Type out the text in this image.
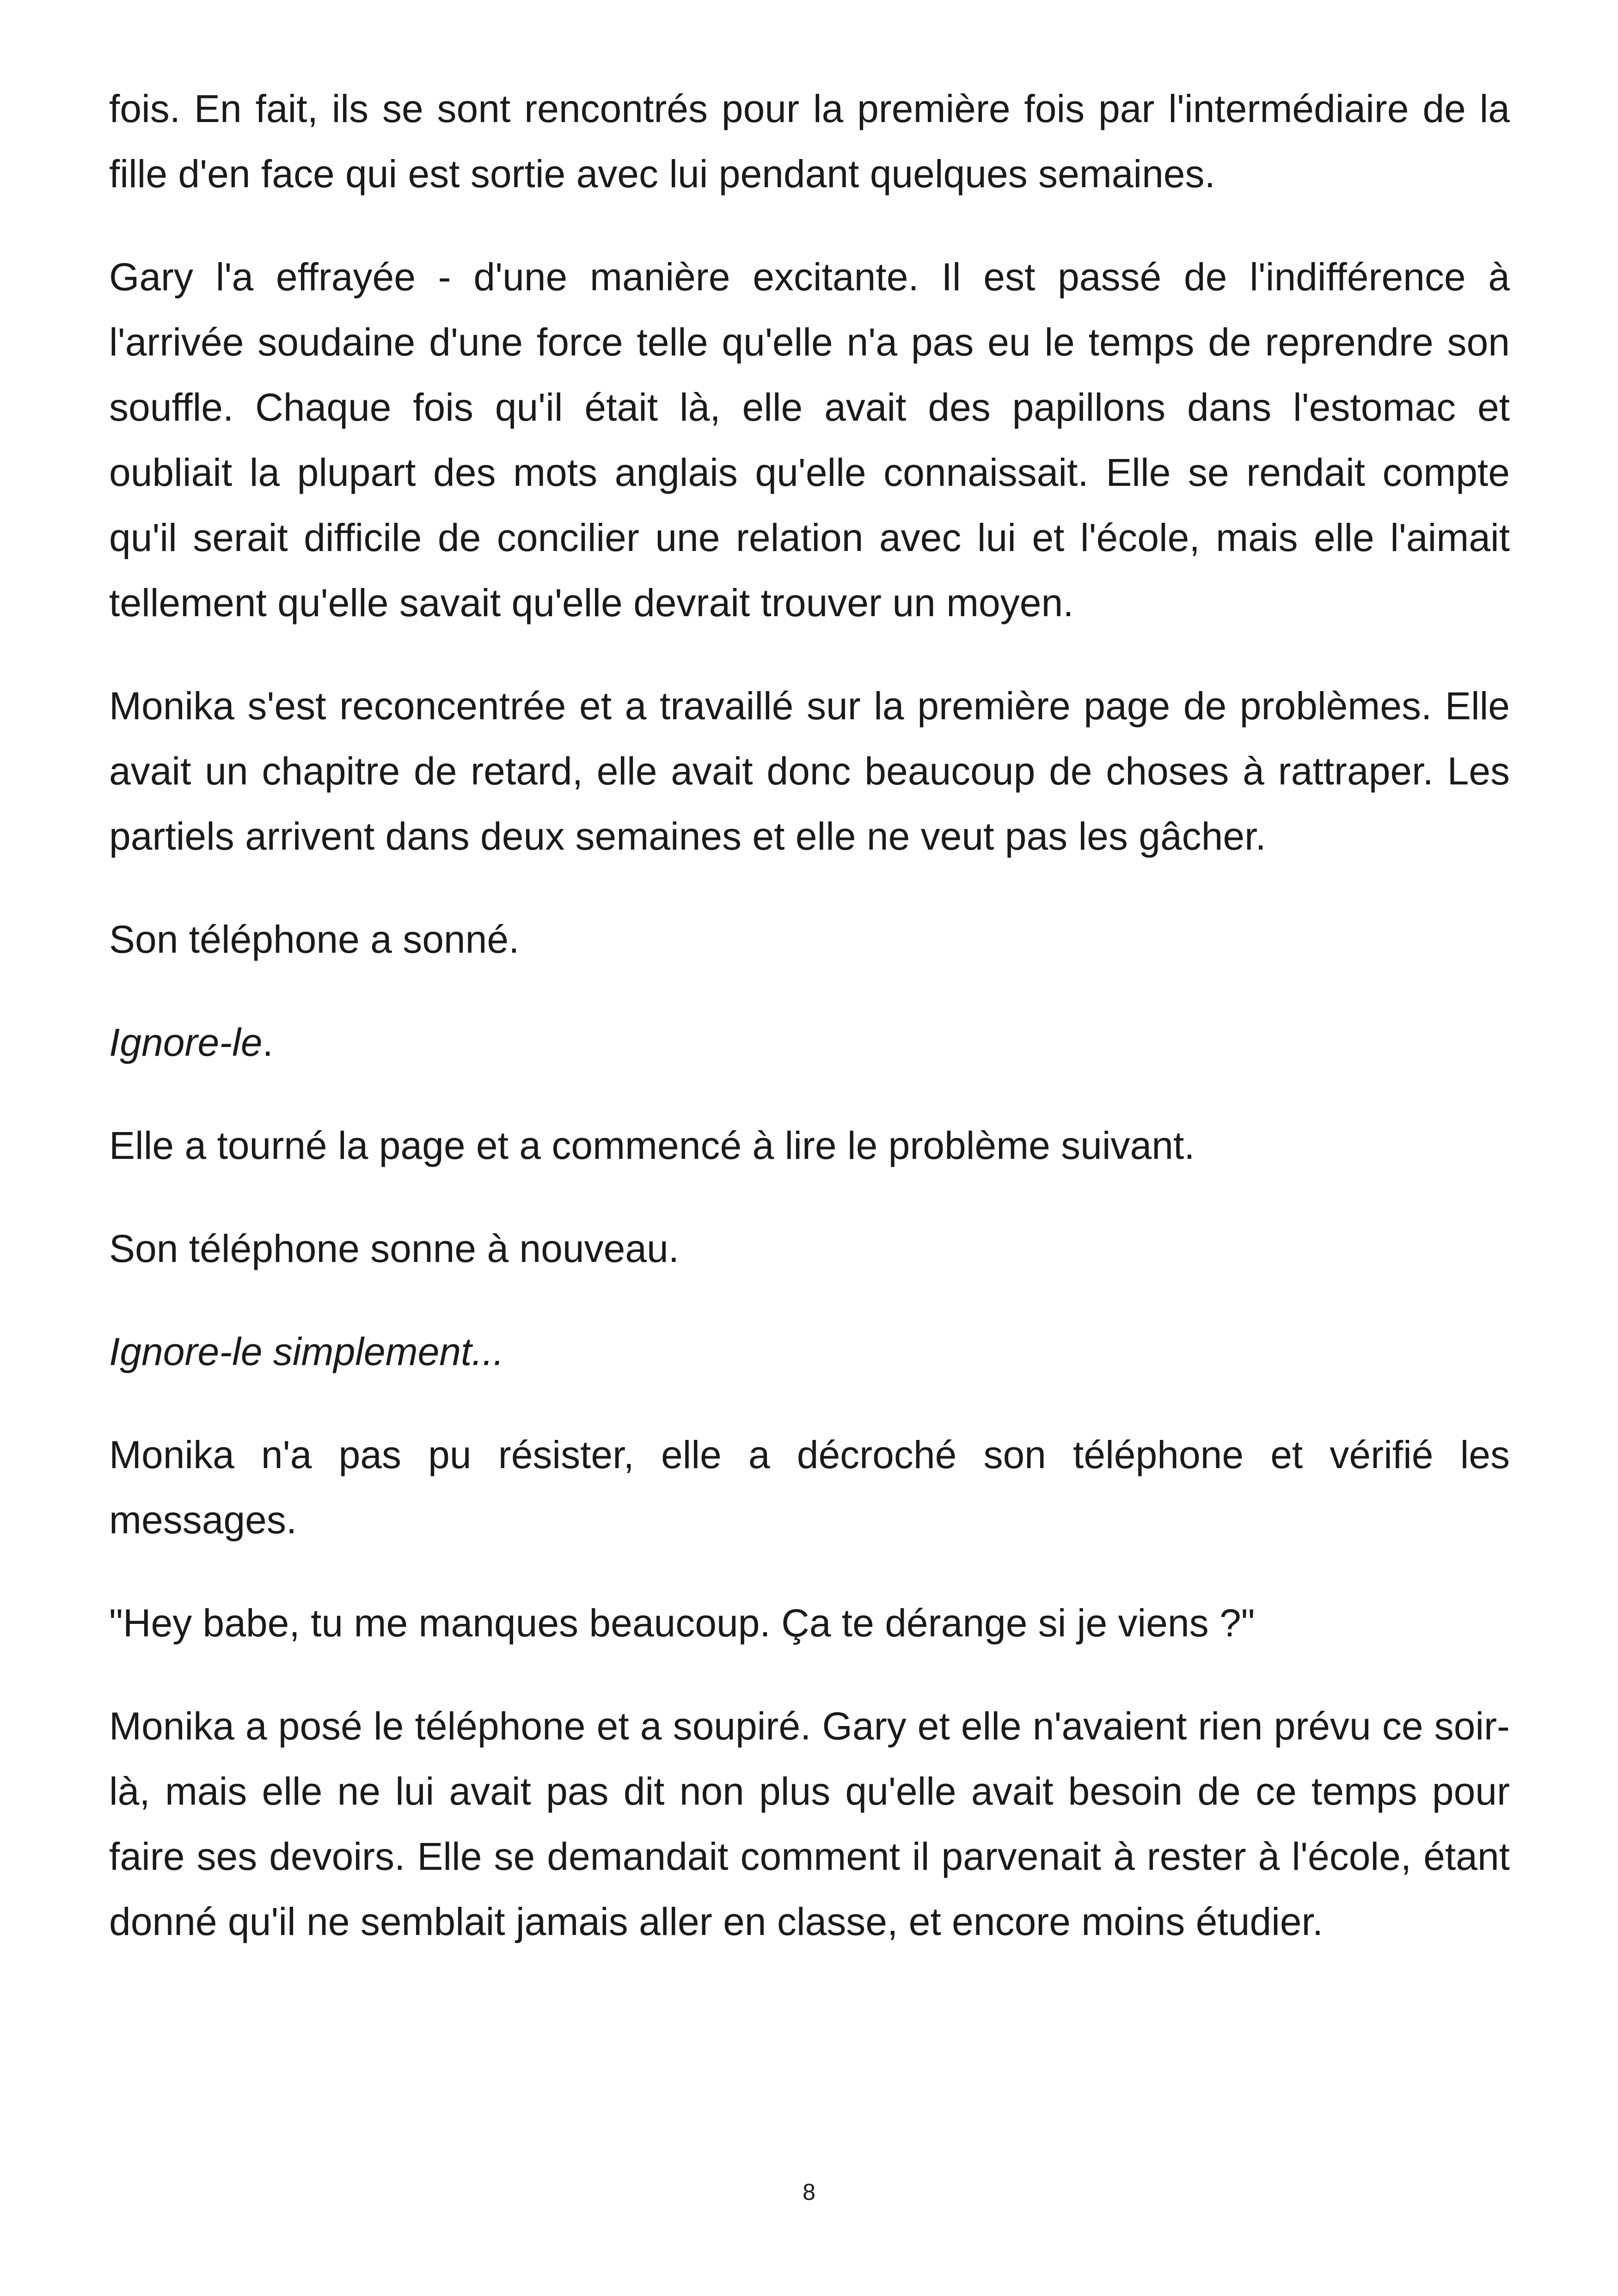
fois. En fait, ils se sont rencontrés pour la première fois par l'intermédiaire de la fille d'en face qui est sortie avec lui pendant quelques semaines.

Gary l'a effrayée - d'une manière excitante. Il est passé de l'indifférence à l'arrivée soudaine d'une force telle qu'elle n'a pas eu le temps de reprendre son souffle. Chaque fois qu'il était là, elle avait des papillons dans l'estomac et oubliait la plupart des mots anglais qu'elle connaissait. Elle se rendait compte qu'il serait difficile de concilier une relation avec lui et l'école, mais elle l'aimait tellement qu'elle savait qu'elle devrait trouver un moyen.

Monika s'est reconcentrée et a travaillé sur la première page de problèmes. Elle avait un chapitre de retard, elle avait donc beaucoup de choses à rattraper. Les partiels arrivent dans deux semaines et elle ne veut pas les gâcher.

Son téléphone a sonné.

Ignore-le.

Elle a tourné la page et a commencé à lire le problème suivant.

Son téléphone sonne à nouveau.

Ignore-le simplement...

Monika n'a pas pu résister, elle a décroché son téléphone et vérifié les messages.

"Hey babe, tu me manques beaucoup. Ça te dérange si je viens ?"

Monika a posé le téléphone et a soupiré. Gary et elle n'avaient rien prévu ce soir-là, mais elle ne lui avait pas dit non plus qu'elle avait besoin de ce temps pour faire ses devoirs. Elle se demandait comment il parvenait à rester à l'école, étant donné qu'il ne semblait jamais aller en classe, et encore moins étudier.

8
